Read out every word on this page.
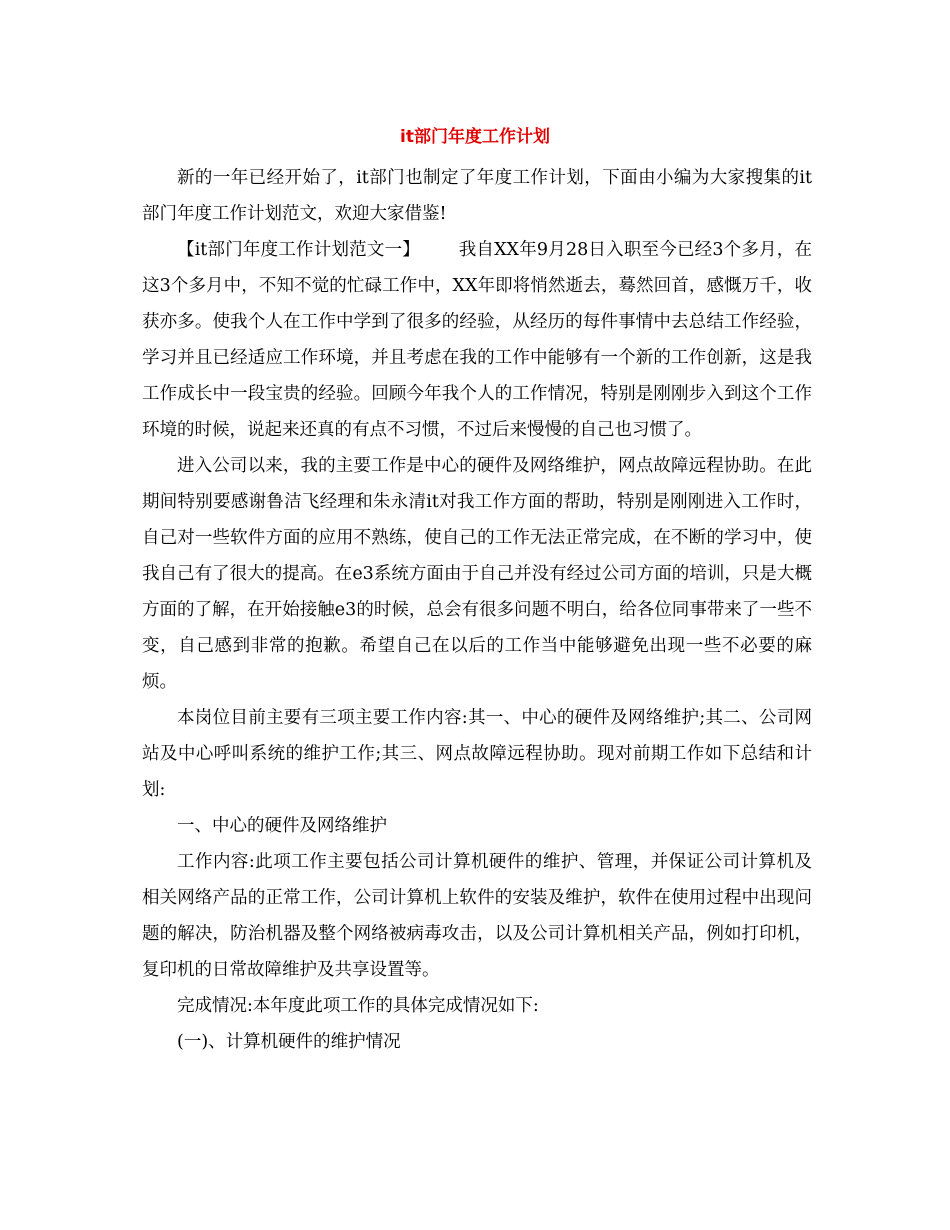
it部门年度工作计划

新的一年已经开始了，it部门也制定了年度工作计划，下面由小编为大家搜集的it部门年度工作计划范文，欢迎大家借鉴!

【it部门年度工作计划范文一】 我自XX年9月28日入职至今已经3个多月，在这3个多月中，不知不觉的忙碌工作中，XX年即将悄然逝去，蓦然回首，感慨万千，收获亦多。使我个人在工作中学到了很多的经验，从经历的每件事情中去总结工作经验，学习并且已经适应工作环境，并且考虑在我的工作中能够有一个新的工作创新，这是我工作成长中一段宝贵的经验。回顾今年我个人的工作情况，特别是刚刚步入到这个工作环境的时候，说起来还真的有点不习惯，不过后来慢慢的自己也习惯了。

进入公司以来，我的主要工作是中心的硬件及网络维护，网点故障远程协助。在此期间特别要感谢鲁洁飞经理和朱永清it对我工作方面的帮助，特别是刚刚进入工作时，自己对一些软件方面的应用不熟练，使自己的工作无法正常完成，在不断的学习中，使我自己有了很大的提高。在e3系统方面由于自己并没有经过公司方面的培训，只是大概方面的了解，在开始接触e3的时候，总会有很多问题不明白，给各位同事带来了一些不变，自己感到非常的抱歉。希望自己在以后的工作当中能够避免出现一些不必要的麻烦。

本岗位目前主要有三项主要工作内容:其一、中心的硬件及网络维护;其二、公司网站及中心呼叫系统的维护工作;其三、网点故障远程协助。现对前期工作如下总结和计划:

一、中心的硬件及网络维护

工作内容:此项工作主要包括公司计算机硬件的维护、管理，并保证公司计算机及相关网络产品的正常工作，公司计算机上软件的安装及维护，软件在使用过程中出现问题的解决，防治机器及整个网络被病毒攻击，以及公司计算机相关产品，例如打印机，复印机的日常故障维护及共享设置等。

完成情况:本年度此项工作的具体完成情况如下:

(一)、计算机硬件的维护情况
